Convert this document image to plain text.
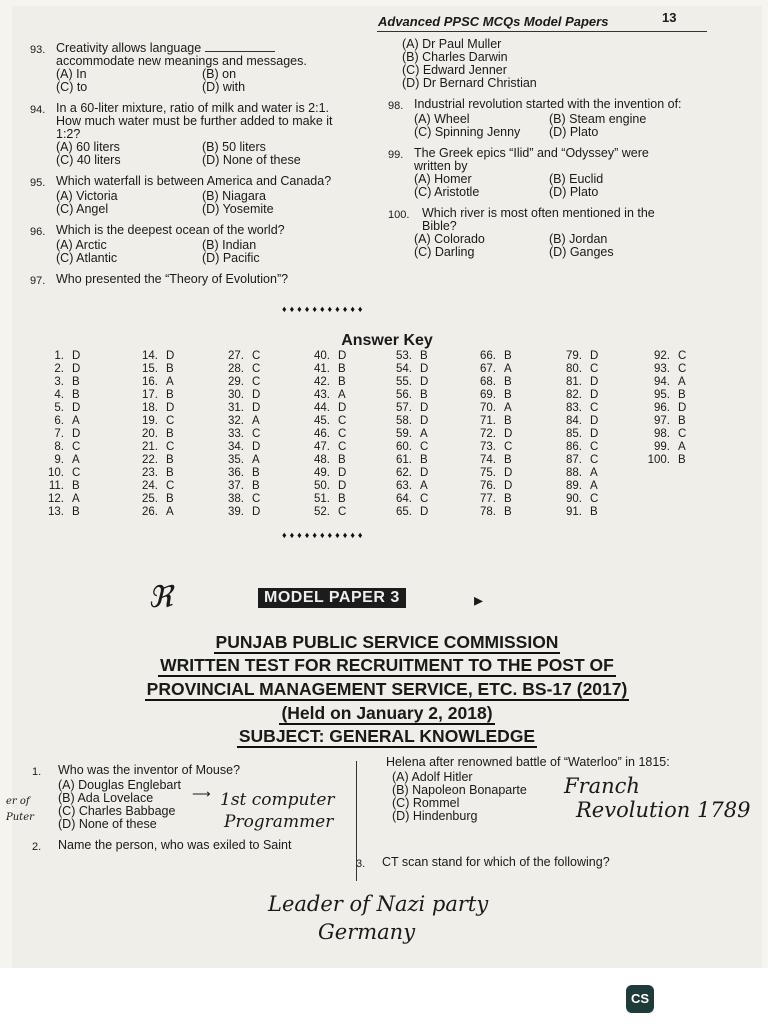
Advanced PPSC MCQs Model Papers	13
93. Creativity allows language
accommodate new meanings and messages.
(A) In	(B) on
(C) to	(D) with
94. In a 60-liter mixture, ratio of milk and water is 2:1. How much water must be further added to make it 1:2?
(A) 60 liters	(B) 50 liters
(C) 40 liters	(D) None of these
95. Which waterfall is between America and Canada?
(A) Victoria	(B) Niagara
(C) Angel	(D) Yosemite
96. Which is the deepest ocean of the world?
(A) Arctic	(B) Indian
(C) Atlantic	(D) Pacific
97. Who presented the “Theory of Evolution”?
(A) Dr Paul Muller
(B) Charles Darwin
(C) Edward Jenner
(D) Dr Bernard Christian
98. Industrial revolution started with the invention of:
(A) Wheel	(B) Steam engine
(C) Spinning Jenny	(D) Plato
99. The Greek epics “Ilid” and “Odyssey” were written by
(A) Homer	(B) Euclid
(C) Aristotle	(D) Plato
100.	Which river is most often mentioned in the Bible?
(A) Colorado	(B) Jordan
(C) Darling	(D) Ganges
♦♦♦♦♦♦♦♦♦♦♦
Answer Key
1. D
2. D
3. B
4. B
5. D
6. A
7. D
8. C
9. A
10. C
11. B
12. A
13. B
14. D
15. B
16. A
17. B
18. D
19. C
20. B
21. C
22. B
23. B
24. C
25. B
26. A
27. C
28. C
29. C
30. D
31. D
32. A
33. C
34. D
35. A
36. B
37. B
38. C
39. D
40. D
41. B
42. B
43. A
44. D
45. C
46. C
47. C
48. B
49. D
50. D
51. B
52. C
53. B
54. D
55. D
56. B
57. D
58. D
59. A
60. C
61. B
62. D
63. A
64. C
65. D
66. B
67. A
68. B
69. B
70. A
71. B
72. D
73. C
74. B
75. D
76. D
77. B
78. B
79. D
80. C
81. D
82. D
83. C
84. D
85. D
86. C
87. C
88. A
89. A
90. C
91. B
92. C
93. C
94. A
95. B
96. D
97. B
98. C
99. A
100. B
♦♦♦♦♦♦♦♦♦♦♦
ℜ	MODEL PAPER 3	▸
PUNJAB PUBLIC SERVICE COMMISSION
WRITTEN TEST FOR RECRUITMENT TO THE POST OF
PROVINCIAL MANAGEMENT SERVICE, ETC. BS-17 (2017)
(Held on January 2, 2018)
SUBJECT: GENERAL KNOWLEDGE
1.	Who was the inventor of Mouse?
(A) Douglas Englebart
(B) Ada Lovelace
(C) Charles Babbage
(D) None of these
2.	Name the person, who was exiled to Saint
Helena after renowned battle of “Waterloo” in 1815:
(A) Adolf Hitler
(B) Napoleon Bonaparte
(C) Rommel
(D) Hindenburg
3.	CT scan stand for which of the following?
⟶ 1st computer
Programmer
er of
Puter
Franch
Revolution 1789
Leader of Nazi party
Germany
CS
